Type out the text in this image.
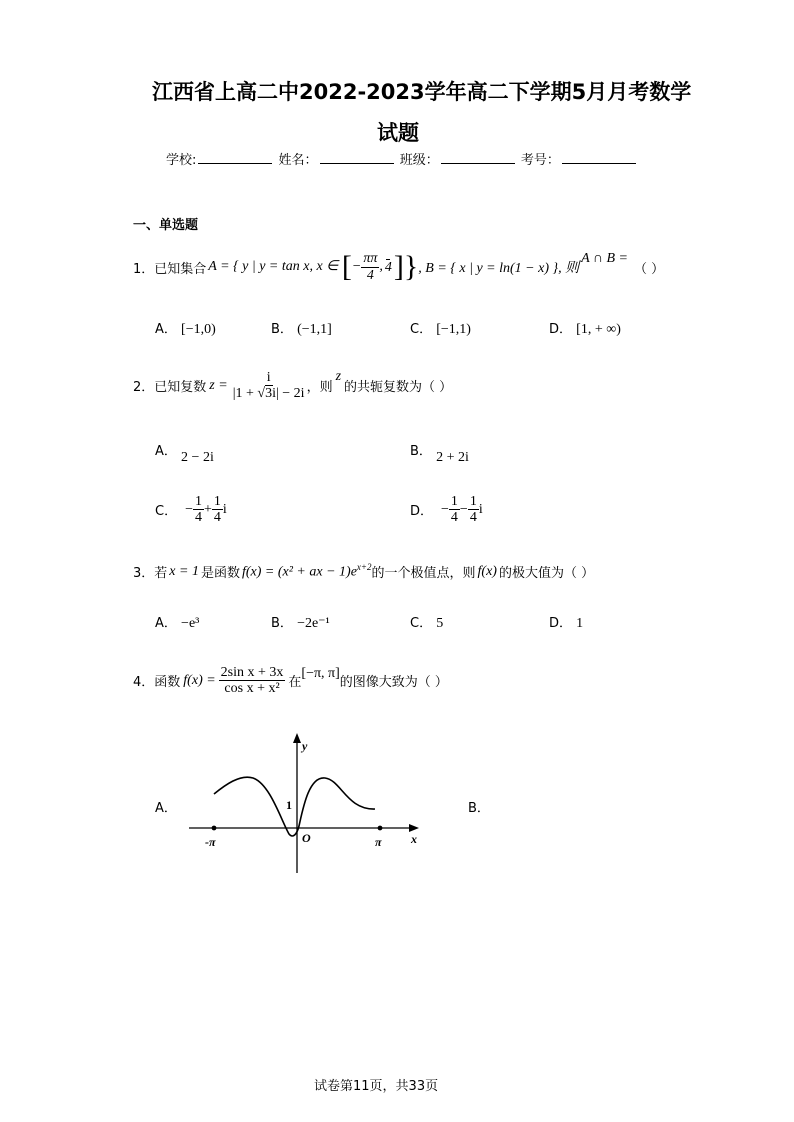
江西省上高二中2022-2023学年高二下学期5月月考数学
试题
学校:	姓名：	班级：	考号：
一、单选题
1． 已知集合 A = { y | y = tan x, x ∈ [− $\frac{\pi\pi}{4}$ , 4 ]} , B = { x | y = ln(1 − x) }, 则
A ∩ B =
（ ）
A． [−1,0)	B． (−1,1]	C． [−1,1)	D． [1, + ∞)
2． 已知复数 $z = \frac{i}{|1 + √3i| - 2i}$ ，则
z
的共轭复数为（ ）
A． 2 − 2i	B． 2 + 2i
C． − $\frac{1}{4} + \frac{1}{4}$ i	D． − $\frac{1}{4} - \frac{1}{4}$ i
3． 若 x = 1 是函数 f(x) = (x² + ax − $1)e^{x+2}$ 的一个极值点，则 f(x) 的极大值为（ ）
A． −e³	B． −2e⁻¹	C． 5	D． 1
4． 函数 $f(x) = \frac{\text{2sin x + 3x}}{\text{cos x + x²}}$ 在
[−π, π]
的图像大致为（ ）
A．	B．
y
x
O
1
-π	π
试卷第11页，共33页
